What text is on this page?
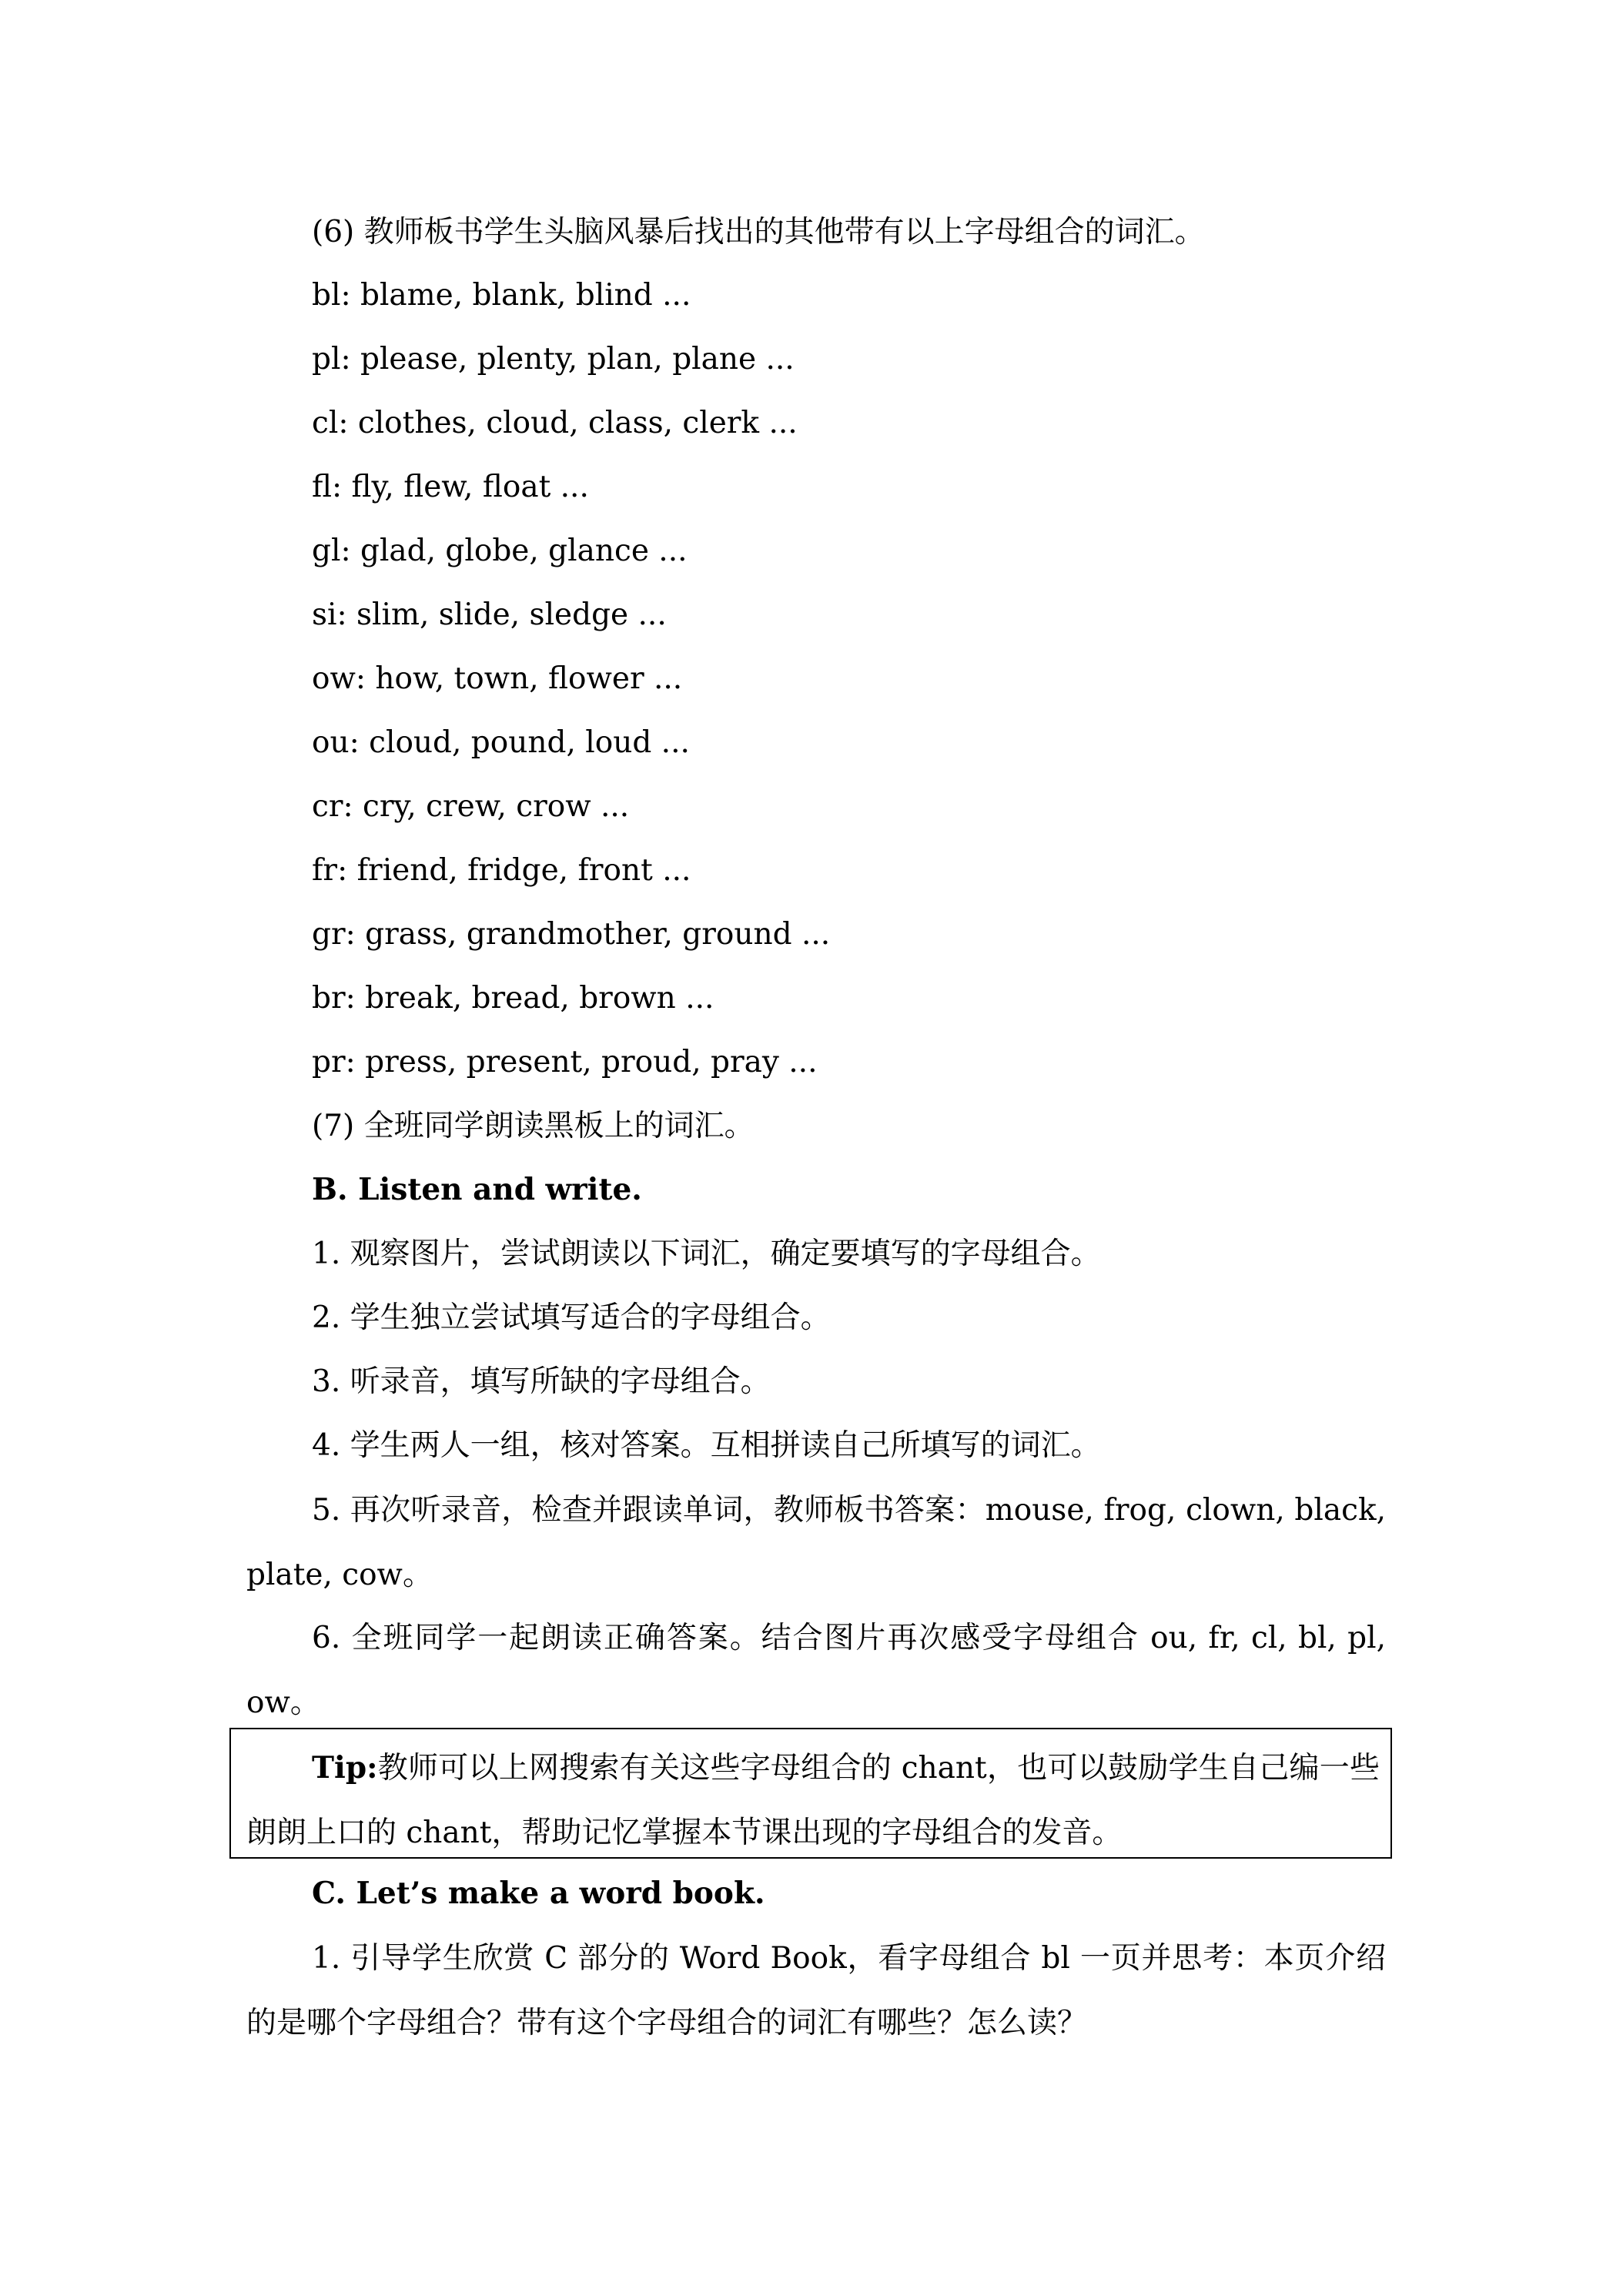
(6) 教师板书学生头脑风暴后找出的其他带有以上字母组合的词汇。
bl: blame, blank, blind ...
pl: please, plenty, plan, plane ...
cl: clothes, cloud, class, clerk ...
fl: fly, flew, float ...
gl: glad, globe, glance ...
si: slim, slide, sledge ...
ow: how, town, flower ...
ou: cloud, pound, loud ...
cr: cry, crew, crow ...
fr: friend, fridge, front ...
gr: grass, grandmother, ground ...
br: break, bread, brown ...
pr: press, present, proud, pray ...
(7) 全班同学朗读黑板上的词汇。
B. Listen and write.
1. 观察图片，尝试朗读以下词汇，确定要填写的字母组合。
2. 学生独立尝试填写适合的字母组合。
3. 听录音，填写所缺的字母组合。
4. 学生两人一组，核对答案。互相拼读自己所填写的词汇。
5. 再次听录音，检查并跟读单词，教师板书答案：mouse, frog, clown, black, plate, cow。
6. 全班同学一起朗读正确答案。结合图片再次感受字母组合 ou, fr, cl, bl, pl, ow。
Tip:教师可以上网搜索有关这些字母组合的 chant，也可以鼓励学生自己编一些朗朗上口的 chant，帮助记忆掌握本节课出现的字母组合的发音。
C. Let’s make a word book.
1. 引导学生欣赏 C 部分的 Word Book，看字母组合 bl 一页并思考：本页介绍的是哪个字母组合？带有这个字母组合的词汇有哪些？怎么读？
